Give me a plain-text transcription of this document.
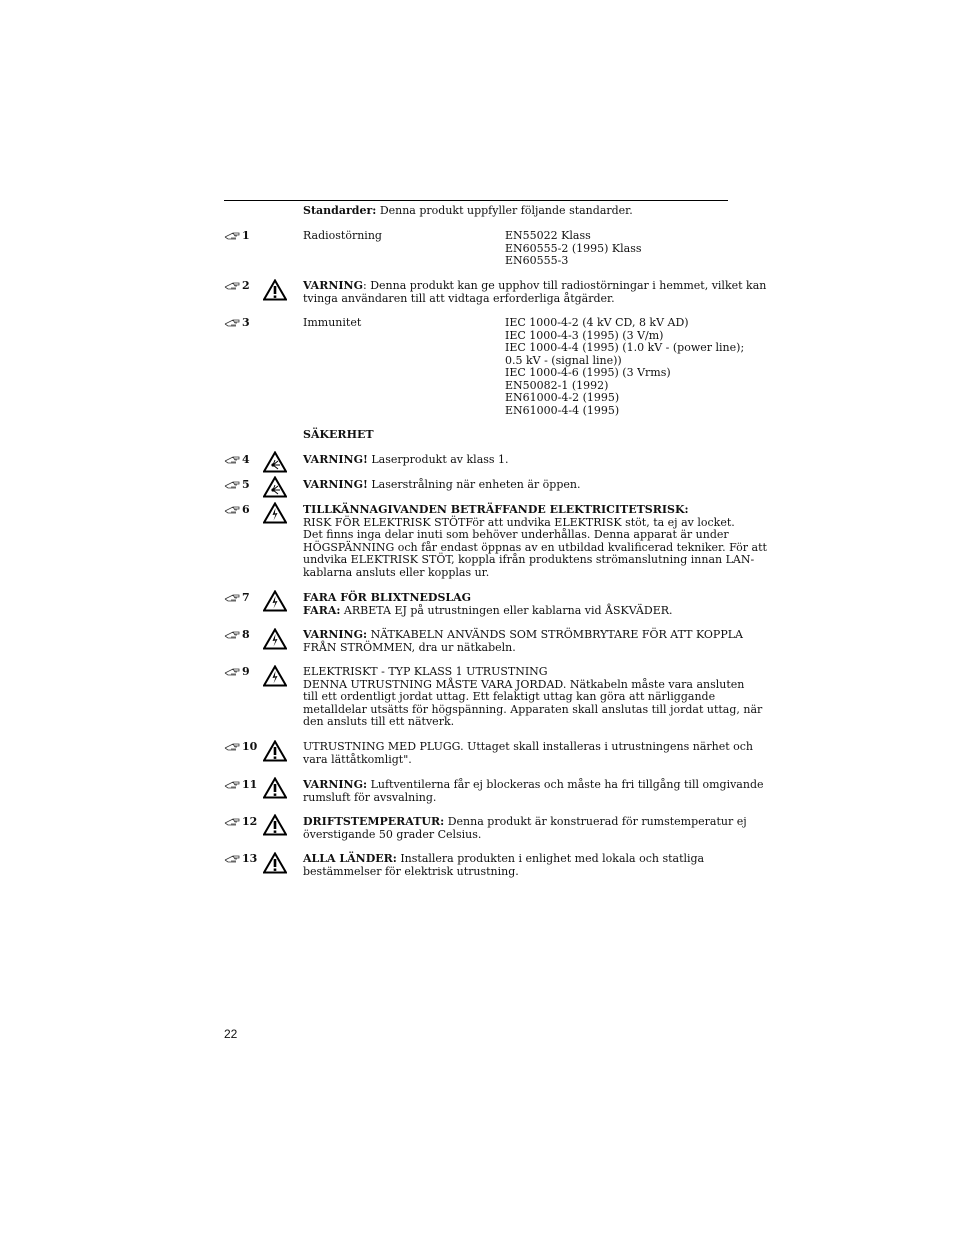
Standarder: Denna produkt uppfyller följande standarder.
1	Radiostörning	EN55022 Klass
EN60555-2 (1995) Klass
EN60555-3
2	VARNING: Denna produkt kan ge upphov till radiostörningar i hemmet, vilket kan
tvinga användaren till att vidtaga erforderliga åtgärder.
3	Immunitet	IEC 1000-4-2 (4 kV CD, 8 kV AD)
IEC 1000-4-3 (1995) (3 V/m)
IEC 1000-4-4 (1995) (1.0 kV - (power line);
0.5 kV - (signal line))
IEC 1000-4-6 (1995) (3 Vrms)
EN50082-1 (1992)
EN61000-4-2 (1995)
EN61000-4-4 (1995)
SÄKERHET
4	VARNING! Laserprodukt av klass 1.
5	VARNING! Laserstrålning när enheten är öppen.
6	TILLKÄNNAGIVANDEN BETRÄFFANDE ELEKTRICITETSRISK:
RISK FÖR ELEKTRISK STÖTFör att undvika ELEKTRISK stöt, ta ej av locket.
Det finns inga delar inuti som behöver underhållas. Denna apparat är under
HÖGSPÄNNING och får endast öppnas av en utbildad kvalificerad tekniker. För att
undvika ELEKTRISK STÖT, koppla ifrån produktens strömanslutning innan LAN-
kablarna ansluts eller kopplas ur.
7	FARA FÖR BLIXTNEDSLAG
FARA: ARBETA EJ på utrustningen eller kablarna vid ÅSKVÄDER.
8	VARNING: NÄTKABELN ANVÄNDS SOM STRÖMBRYTARE FÖR ATT KOPPLA
FRÅN STRÖMMEN, dra ur nätkabeln.
9	ELEKTRISKT - TYP KLASS 1 UTRUSTNING
DENNA UTRUSTNING MÅSTE VARA JORDAD. Nätkabeln måste vara ansluten
till ett ordentligt jordat uttag. Ett felaktigt uttag kan göra att närliggande
metalldelar utsätts för högspänning. Apparaten skall anslutas till jordat uttag, när
den ansluts till ett nätverk.
10	UTRUSTNING MED PLUGG. Uttaget skall installeras i utrustningens närhet och
vara lättåtkomligt".
11	VARNING: Luftventilerna får ej blockeras och måste ha fri tillgång till omgivande
rumsluft för avsvalning.
12	DRIFTSTEMPERATUR: Denna produkt är konstruerad för rumstemperatur ej
överstigande 50 grader Celsius.
13	ALLA LÄNDER: Installera produkten i enlighet med lokala och statliga
bestämmelser för elektrisk utrustning.
22
